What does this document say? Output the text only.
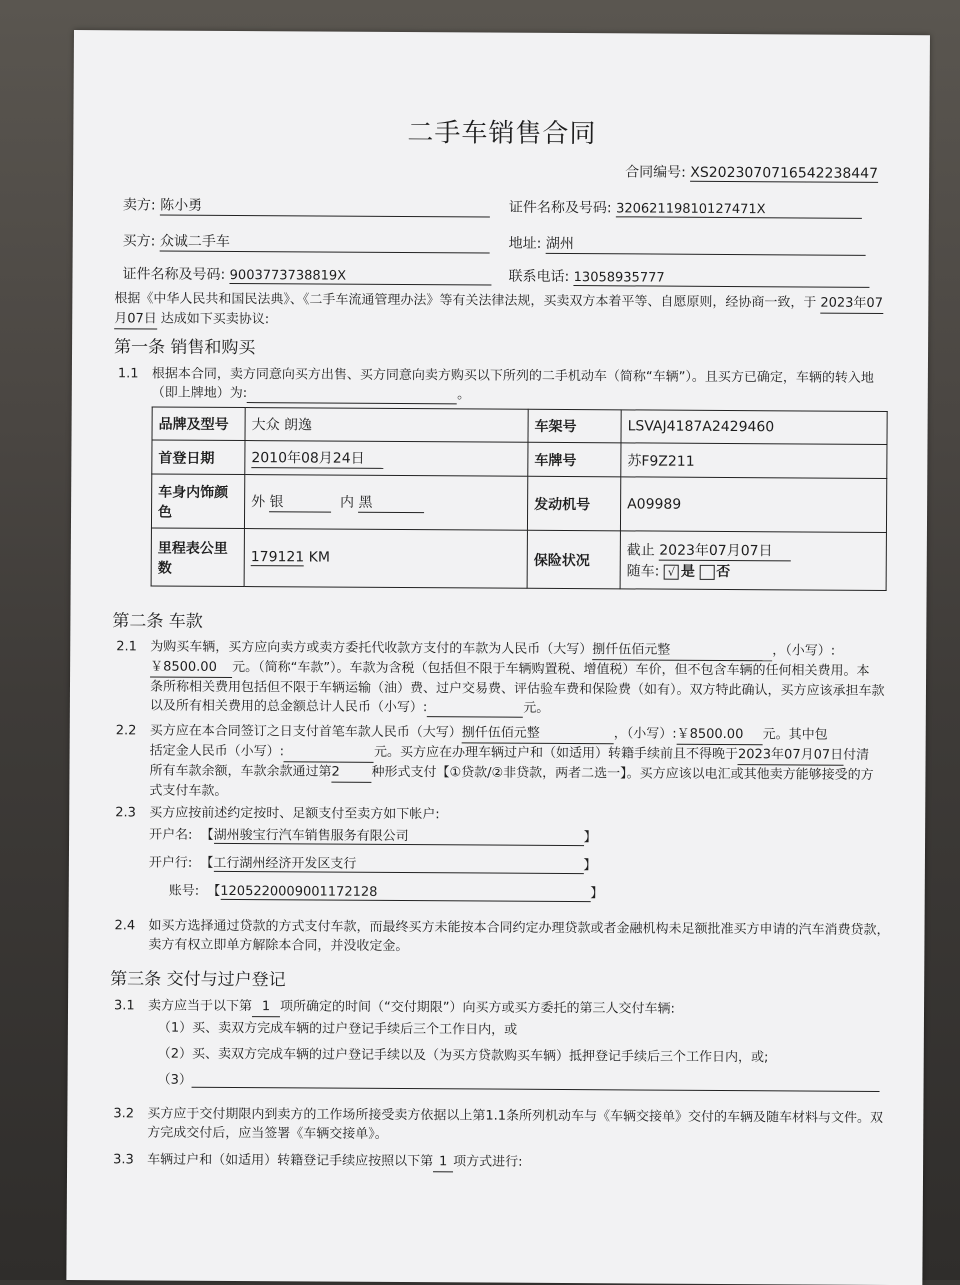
二手车销售合同
合同编号: XS2023070716542238447
卖方: 陈小勇	证件名称及号码: 32062119810127471X
买方: 众诚二手车	地址: 湖州
证件名称及号码: 9003773738819X	联系电话: 13058935777
根据《中华人民共和国民法典》、《二手车流通管理办法》等有关法律法规，买卖双方本着平等、自愿原则，经协商一致，于 2023年07
月07日 达成如下买卖协议:
第一条 销售和购买
1.1 根据本合同，卖方同意向买方出售、买方同意向卖方购买以下所列的二手机动车（简称“车辆”）。且买方已确定，车辆的转入地
（即上牌地）为:	。
品牌及型号	大众 朗逸	车架号	LSVAJ4187A2429460
首登日期	2010年08月24日	车牌号	苏F9Z211
车身内饰颜色	外 银 内 黑	发动机号	A09989
里程表公里数	179121 KM	保险状况	截止 2023年07月07日
随车: √ 是 否
第二条 车款
2.1 为购买车辆，买方应向卖方或卖方委托代收款方支付的车款为人民币（大写）捌仟伍佰元整	，（小写）:
￥8500.00 元。（简称“车款”）。车款为含税（包括但不限于车辆购置税、增值税）车价，但不包含车辆的任何相关费用。本
条所称相关费用包括但不限于车辆运输（油）费、过户交易费、评估验车费和保险费（如有）。双方特此确认，买方应该承担车款
以及所有相关费用的总金额总计人民币（小写）:	元。
2.2 买方应在本合同签订之日支付首笔车款人民币（大写）捌仟伍佰元整	，（小写）:￥8500.00 元。其中包
括定金人民币（小写）:	元。买方应在办理车辆过户和（如适用）转籍手续前且不得晚于2023年07月07日付清
所有车款余额，车款余款通过第2 种形式支付【①贷款/②非贷款，两者二选一】。买方应该以电汇或其他卖方能够接受的方
式支付车款。
2.3 买方应按前述约定按时、足额支付至卖方如下帐户:
开户名: 【湖州骏宝行汽车销售服务有限公司	】
开户行: 【工行湖州经济开发区支行	】
账号: 【1205220009001172128	】
2.4 如买方选择通过贷款的方式支付车款，而最终买方未能按本合同约定办理贷款或者金融机构未足额批准买方申请的汽车消费贷款，
卖方有权立即单方解除本合同，并没收定金。
第三条 交付与过户登记
3.1 卖方应当于以下第 1 项所确定的时间（“交付期限”）向买方或买方委托的第三人交付车辆:
（1）买、卖双方完成车辆的过户登记手续后三个工作日内，或
（2）买、卖双方完成车辆的过户登记手续以及（为买方贷款购买车辆）抵押登记手续后三个工作日内，或;
（3）
3.2 买方应于交付期限内到卖方的工作场所接受卖方依据以上第1.1条所列机动车与《车辆交接单》交付的车辆及随车材料与文件。双
方完成交付后，应当签署《车辆交接单》。
3.3 车辆过户和（如适用）转籍登记手续应按照以下第 1 项方式进行:
